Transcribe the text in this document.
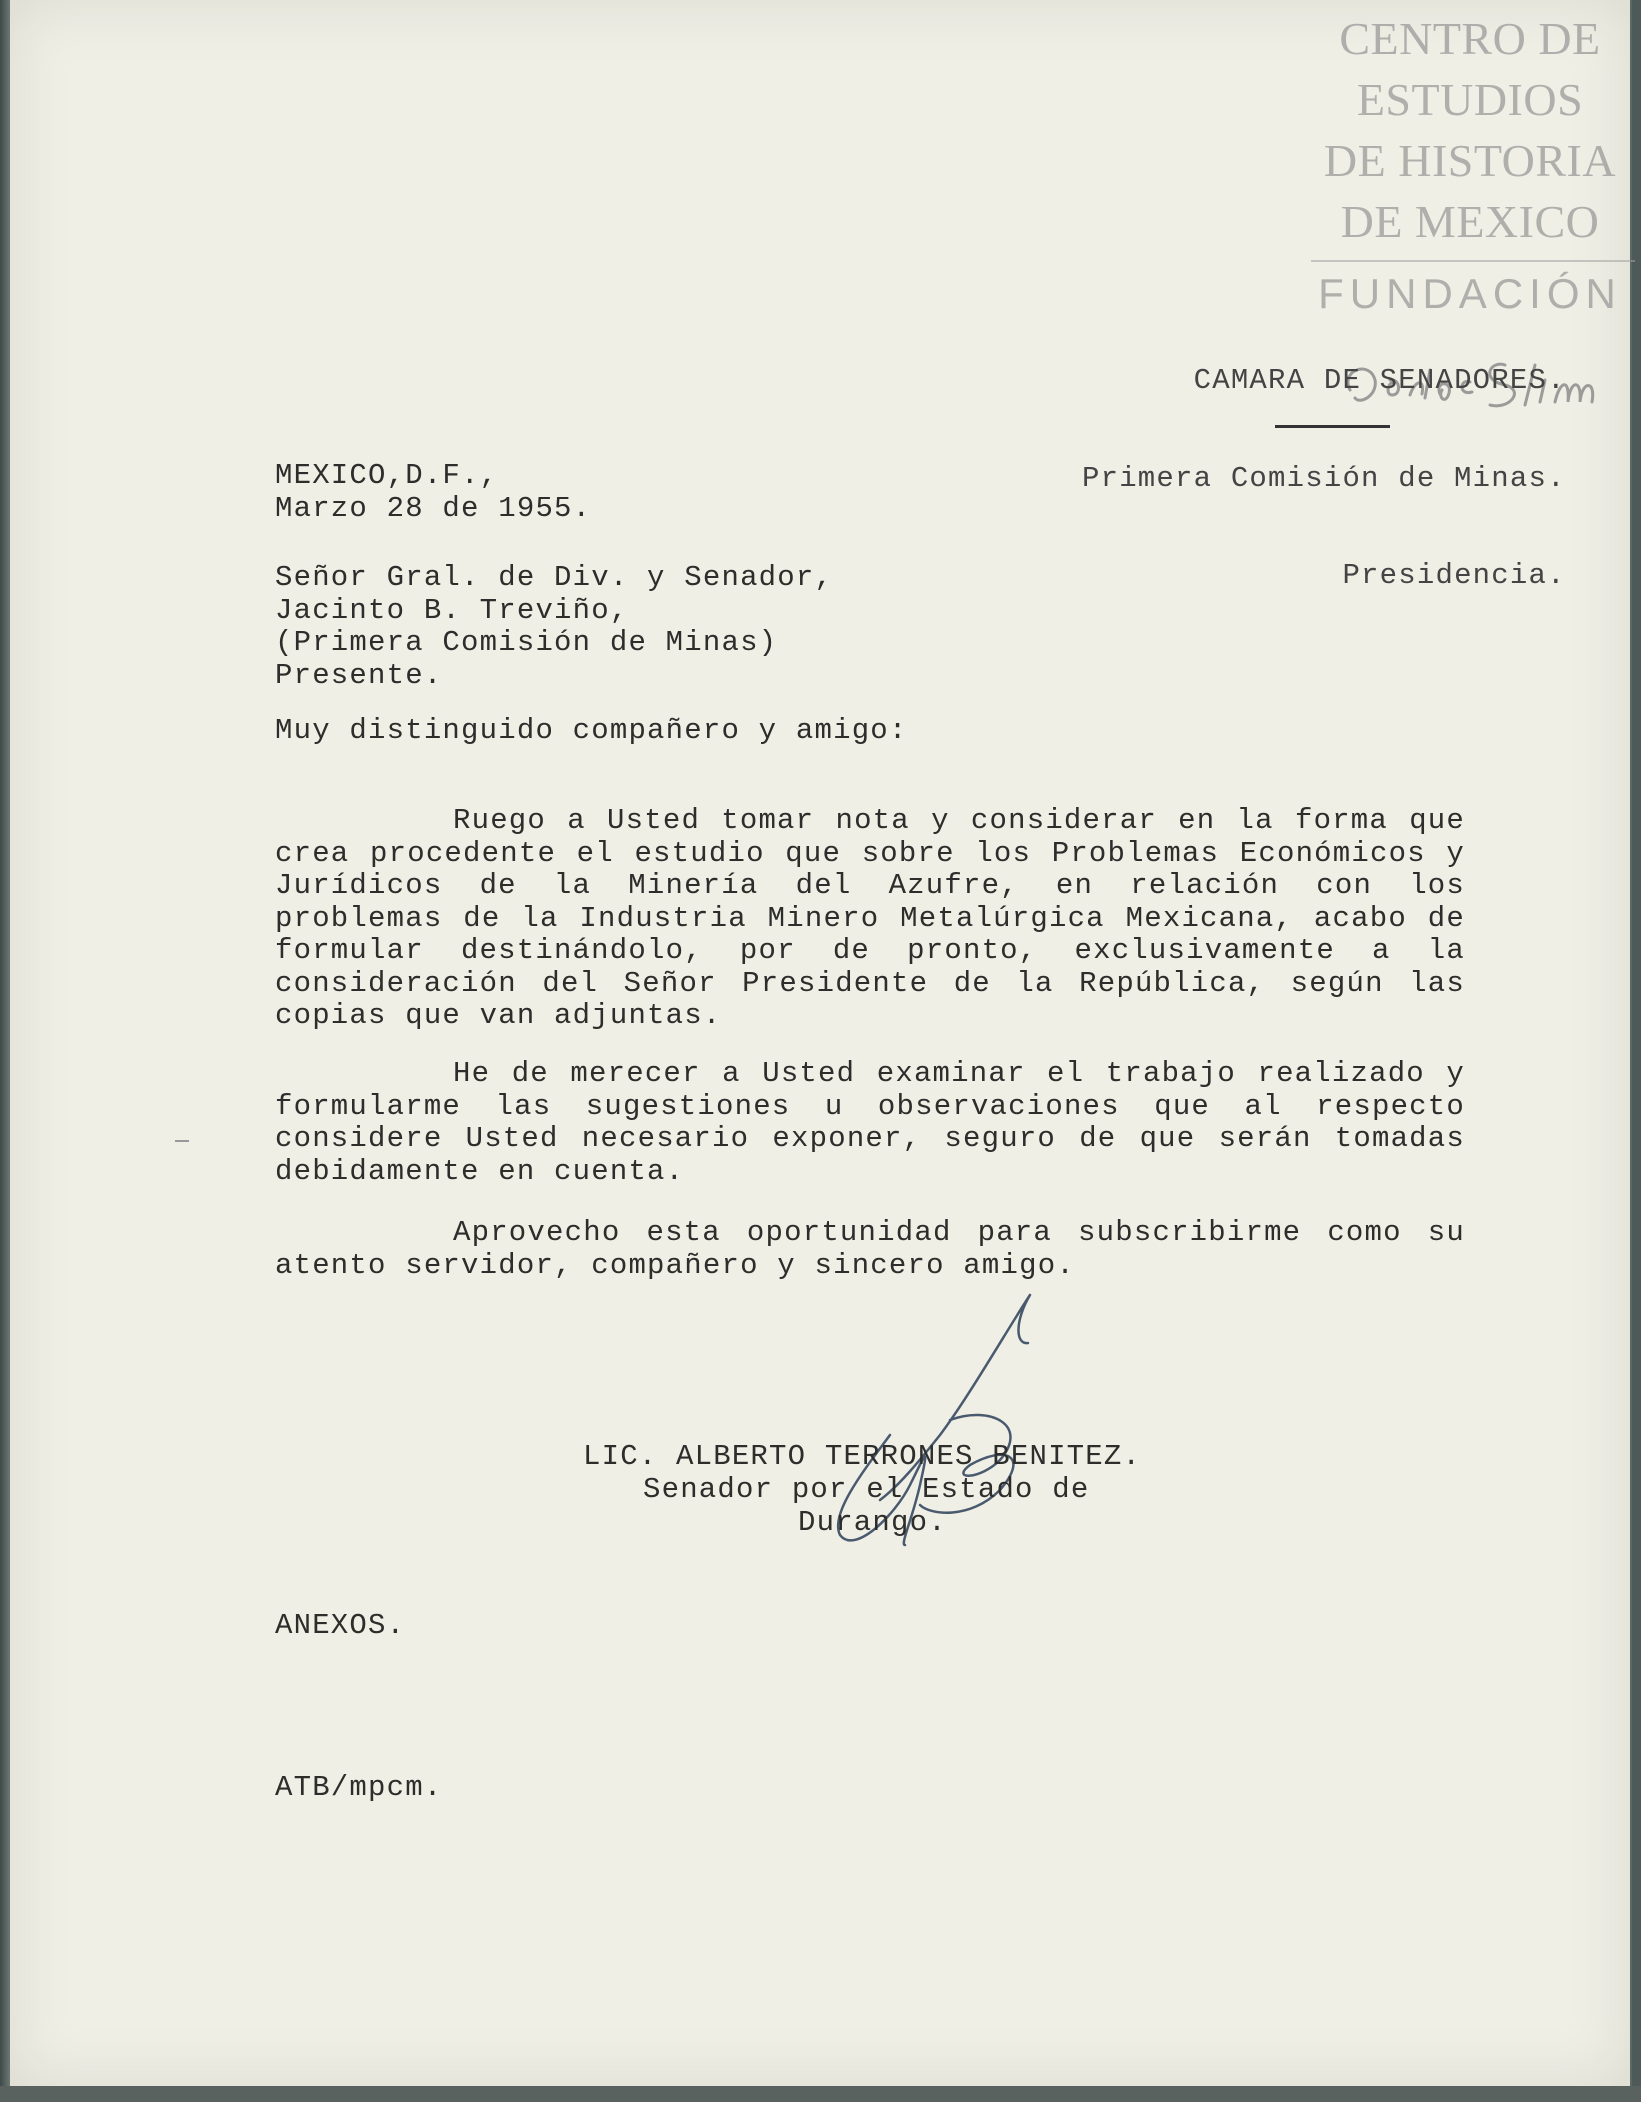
CENTRO DE
ESTUDIOS
DE HISTORIA
DE MEXICO
FUNDACIÓN

CAMARA DE SENADORES.

Primera Comisión de Minas.

Presidencia.

MEXICO,D.F.,
Marzo 28 de 1955.
Señor Gral. de Div. y Senador,
Jacinto B. Treviño,
(Primera Comisión de Minas)
Presente.
Muy distinguido compañero y amigo:

Ruego a Usted tomar nota y considerar en la forma que crea procedente el estudio que sobre los Problemas Económicos y Jurídicos de la Minería del Azufre, en relación con los problemas de la Industria Minero Metalúrgica Mexicana, acabo de formular destinándolo, por de pronto, exclusivamente a la consideración del Señor Presidente de la República, según las copias que van adjuntas.

He de merecer a Usted examinar el trabajo realizado y formularme las sugestiones u observaciones que al respecto considere Usted necesario exponer, seguro de que serán tomadas debidamente en cuenta.

Aprovecho esta oportunidad para subscribirme como su atento servidor, compañero y sincero amigo.

LIC. ALBERTO TERRONES BENITEZ.
Senador por el Estado de
Durango.
ANEXOS.
ATB/mpcm.
